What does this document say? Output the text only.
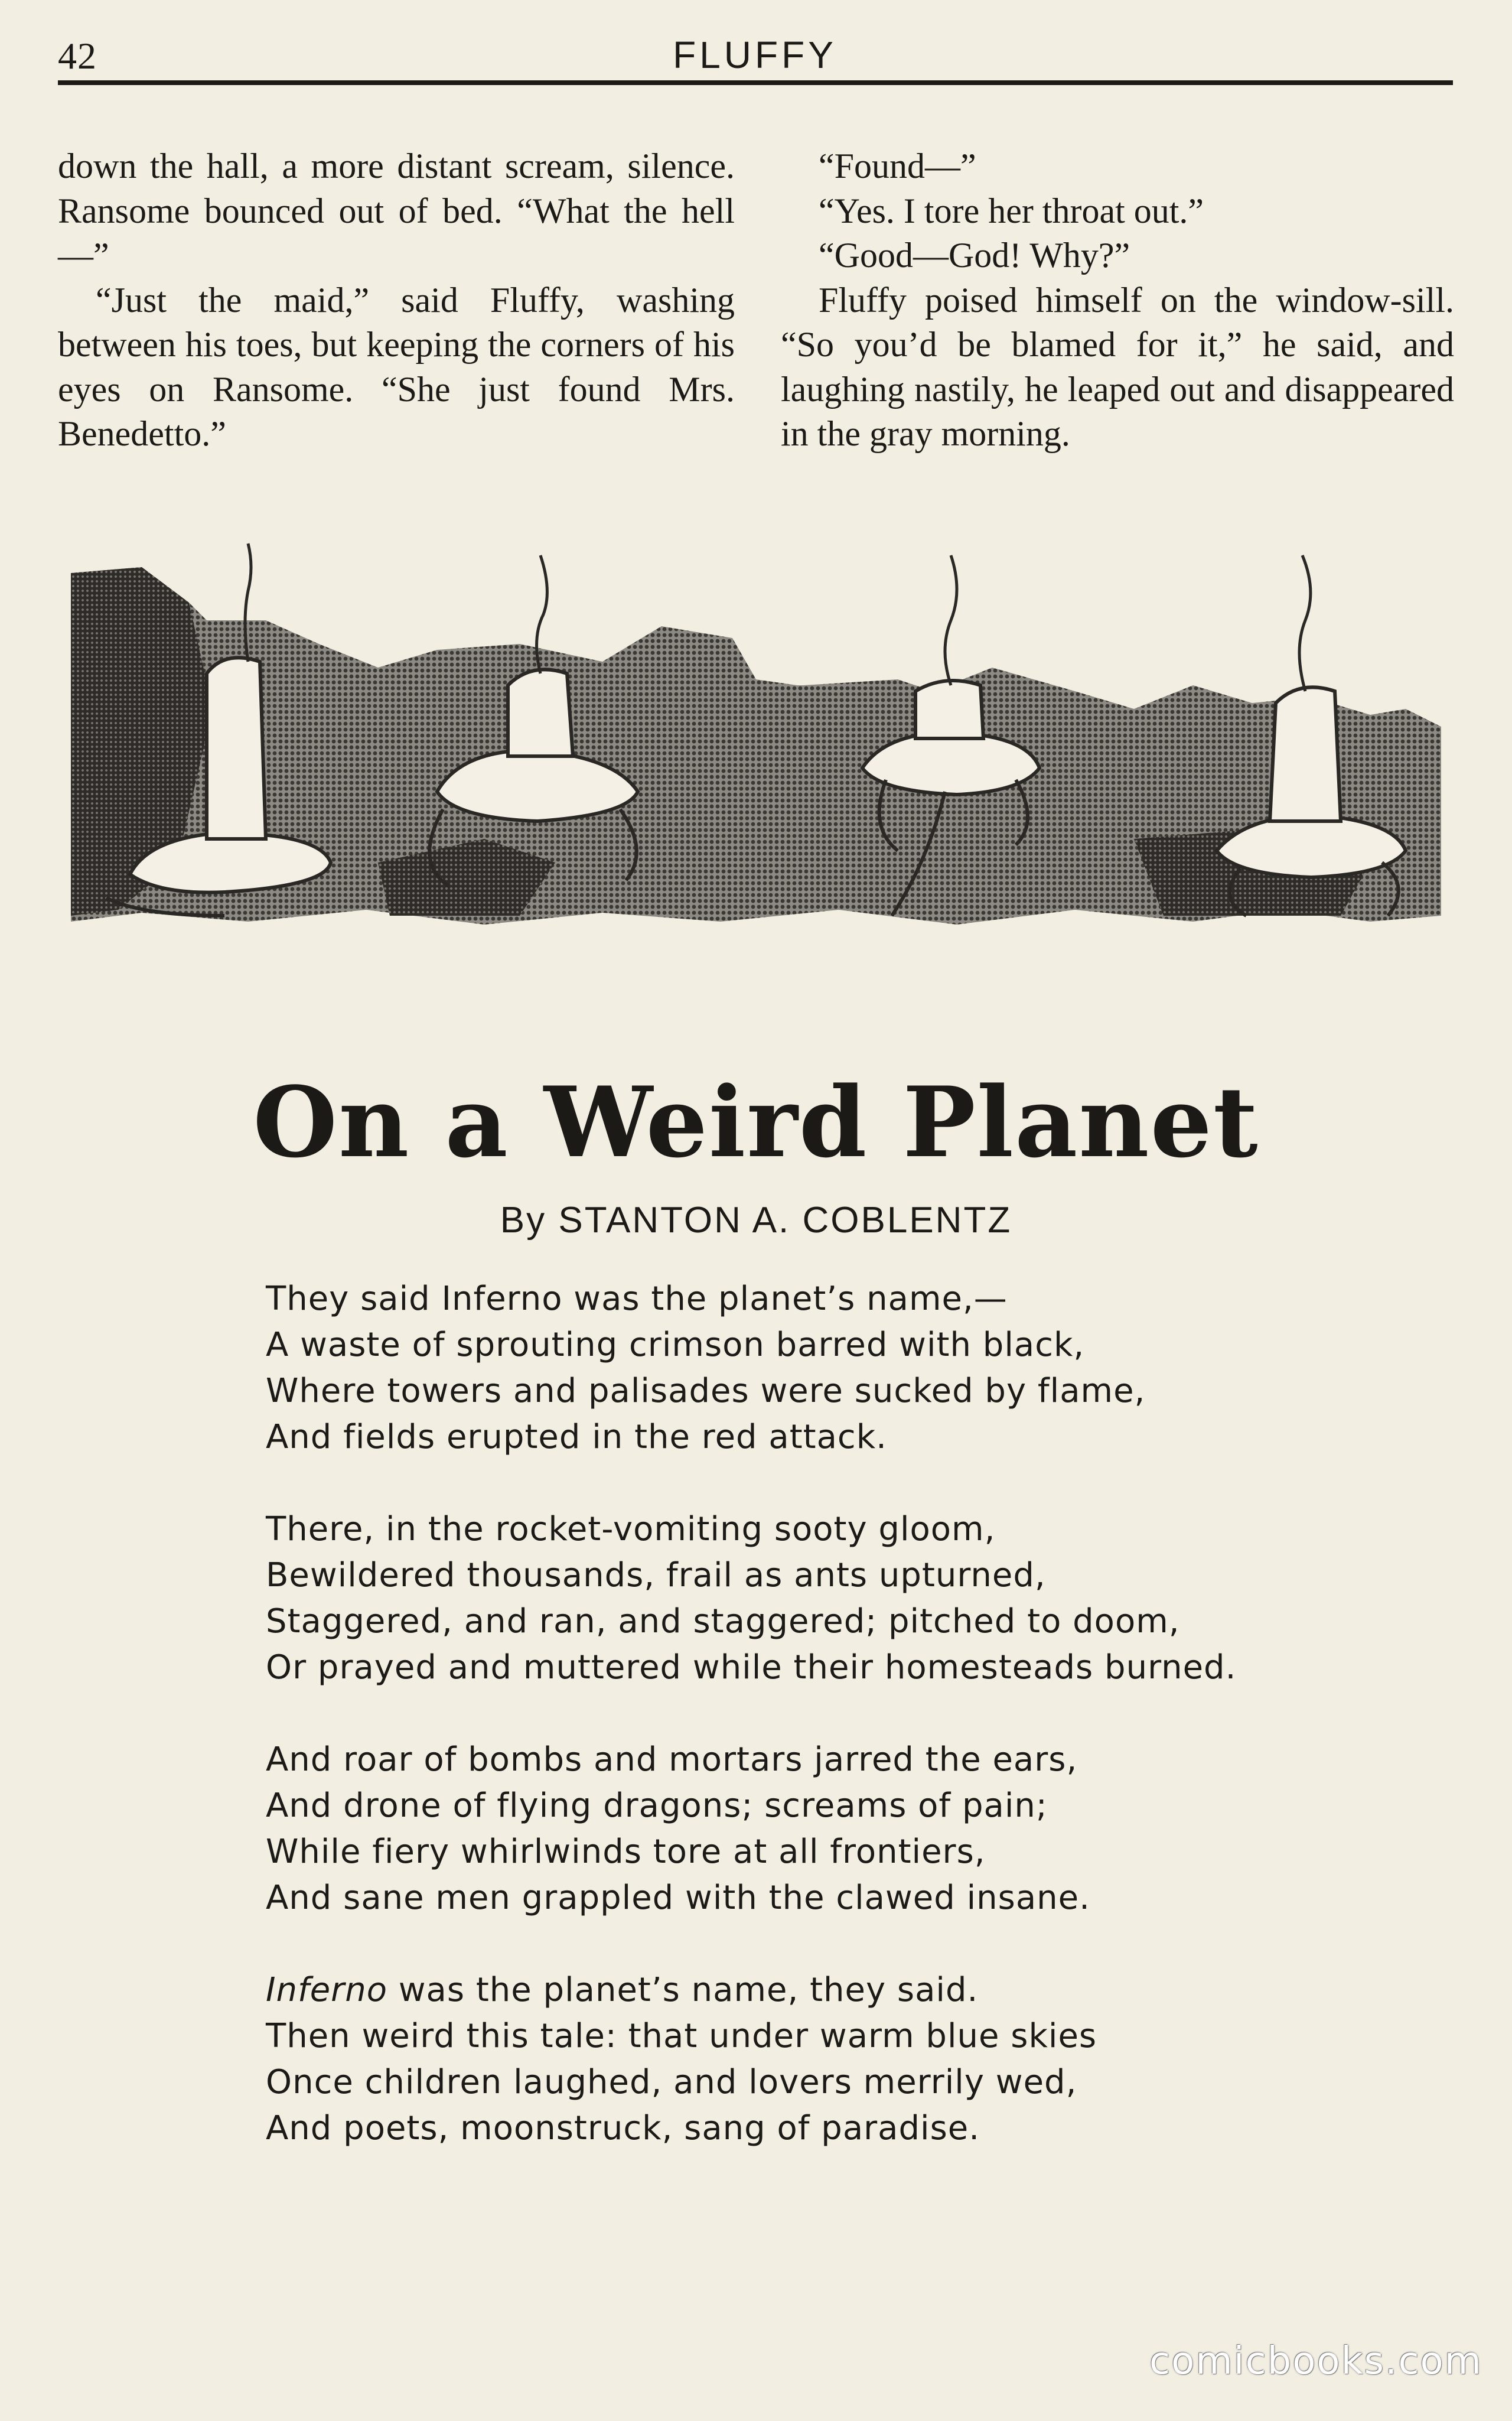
42	FLUFFY

down the hall, a more distant scream, silence. Ransome bounced out of bed. “What the hell—”

“Just the maid,” said Fluffy, washing between his toes, but keeping the corners of his eyes on Ransome. “She just found Mrs. Benedetto.”

“Found—”

“Yes. I tore her throat out.”

“Good—God! Why?”

Fluffy poised himself on the window-sill. “So you’d be blamed for it,” he said, and laughing nastily, he leaped out and disappeared in the gray morning.

On a Weird Planet
By STANTON A. COBLENTZ
They said Inferno was the planet’s name,—
A waste of sprouting crimson barred with black,
Where towers and palisades were sucked by flame,
And fields erupted in the red attack.
There, in the rocket-vomiting sooty gloom,
Bewildered thousands, frail as ants upturned,
Staggered, and ran, and staggered; pitched to doom,
Or prayed and muttered while their homesteads burned.
And roar of bombs and mortars jarred the ears,
And drone of flying dragons; screams of pain;
While fiery whirlwinds tore at all frontiers,
And sane men grappled with the clawed insane.
Inferno was the planet’s name, they said.
Then weird this tale: that under warm blue skies
Once children laughed, and lovers merrily wed,
And poets, moonstruck, sang of paradise.
comicbooks.com
